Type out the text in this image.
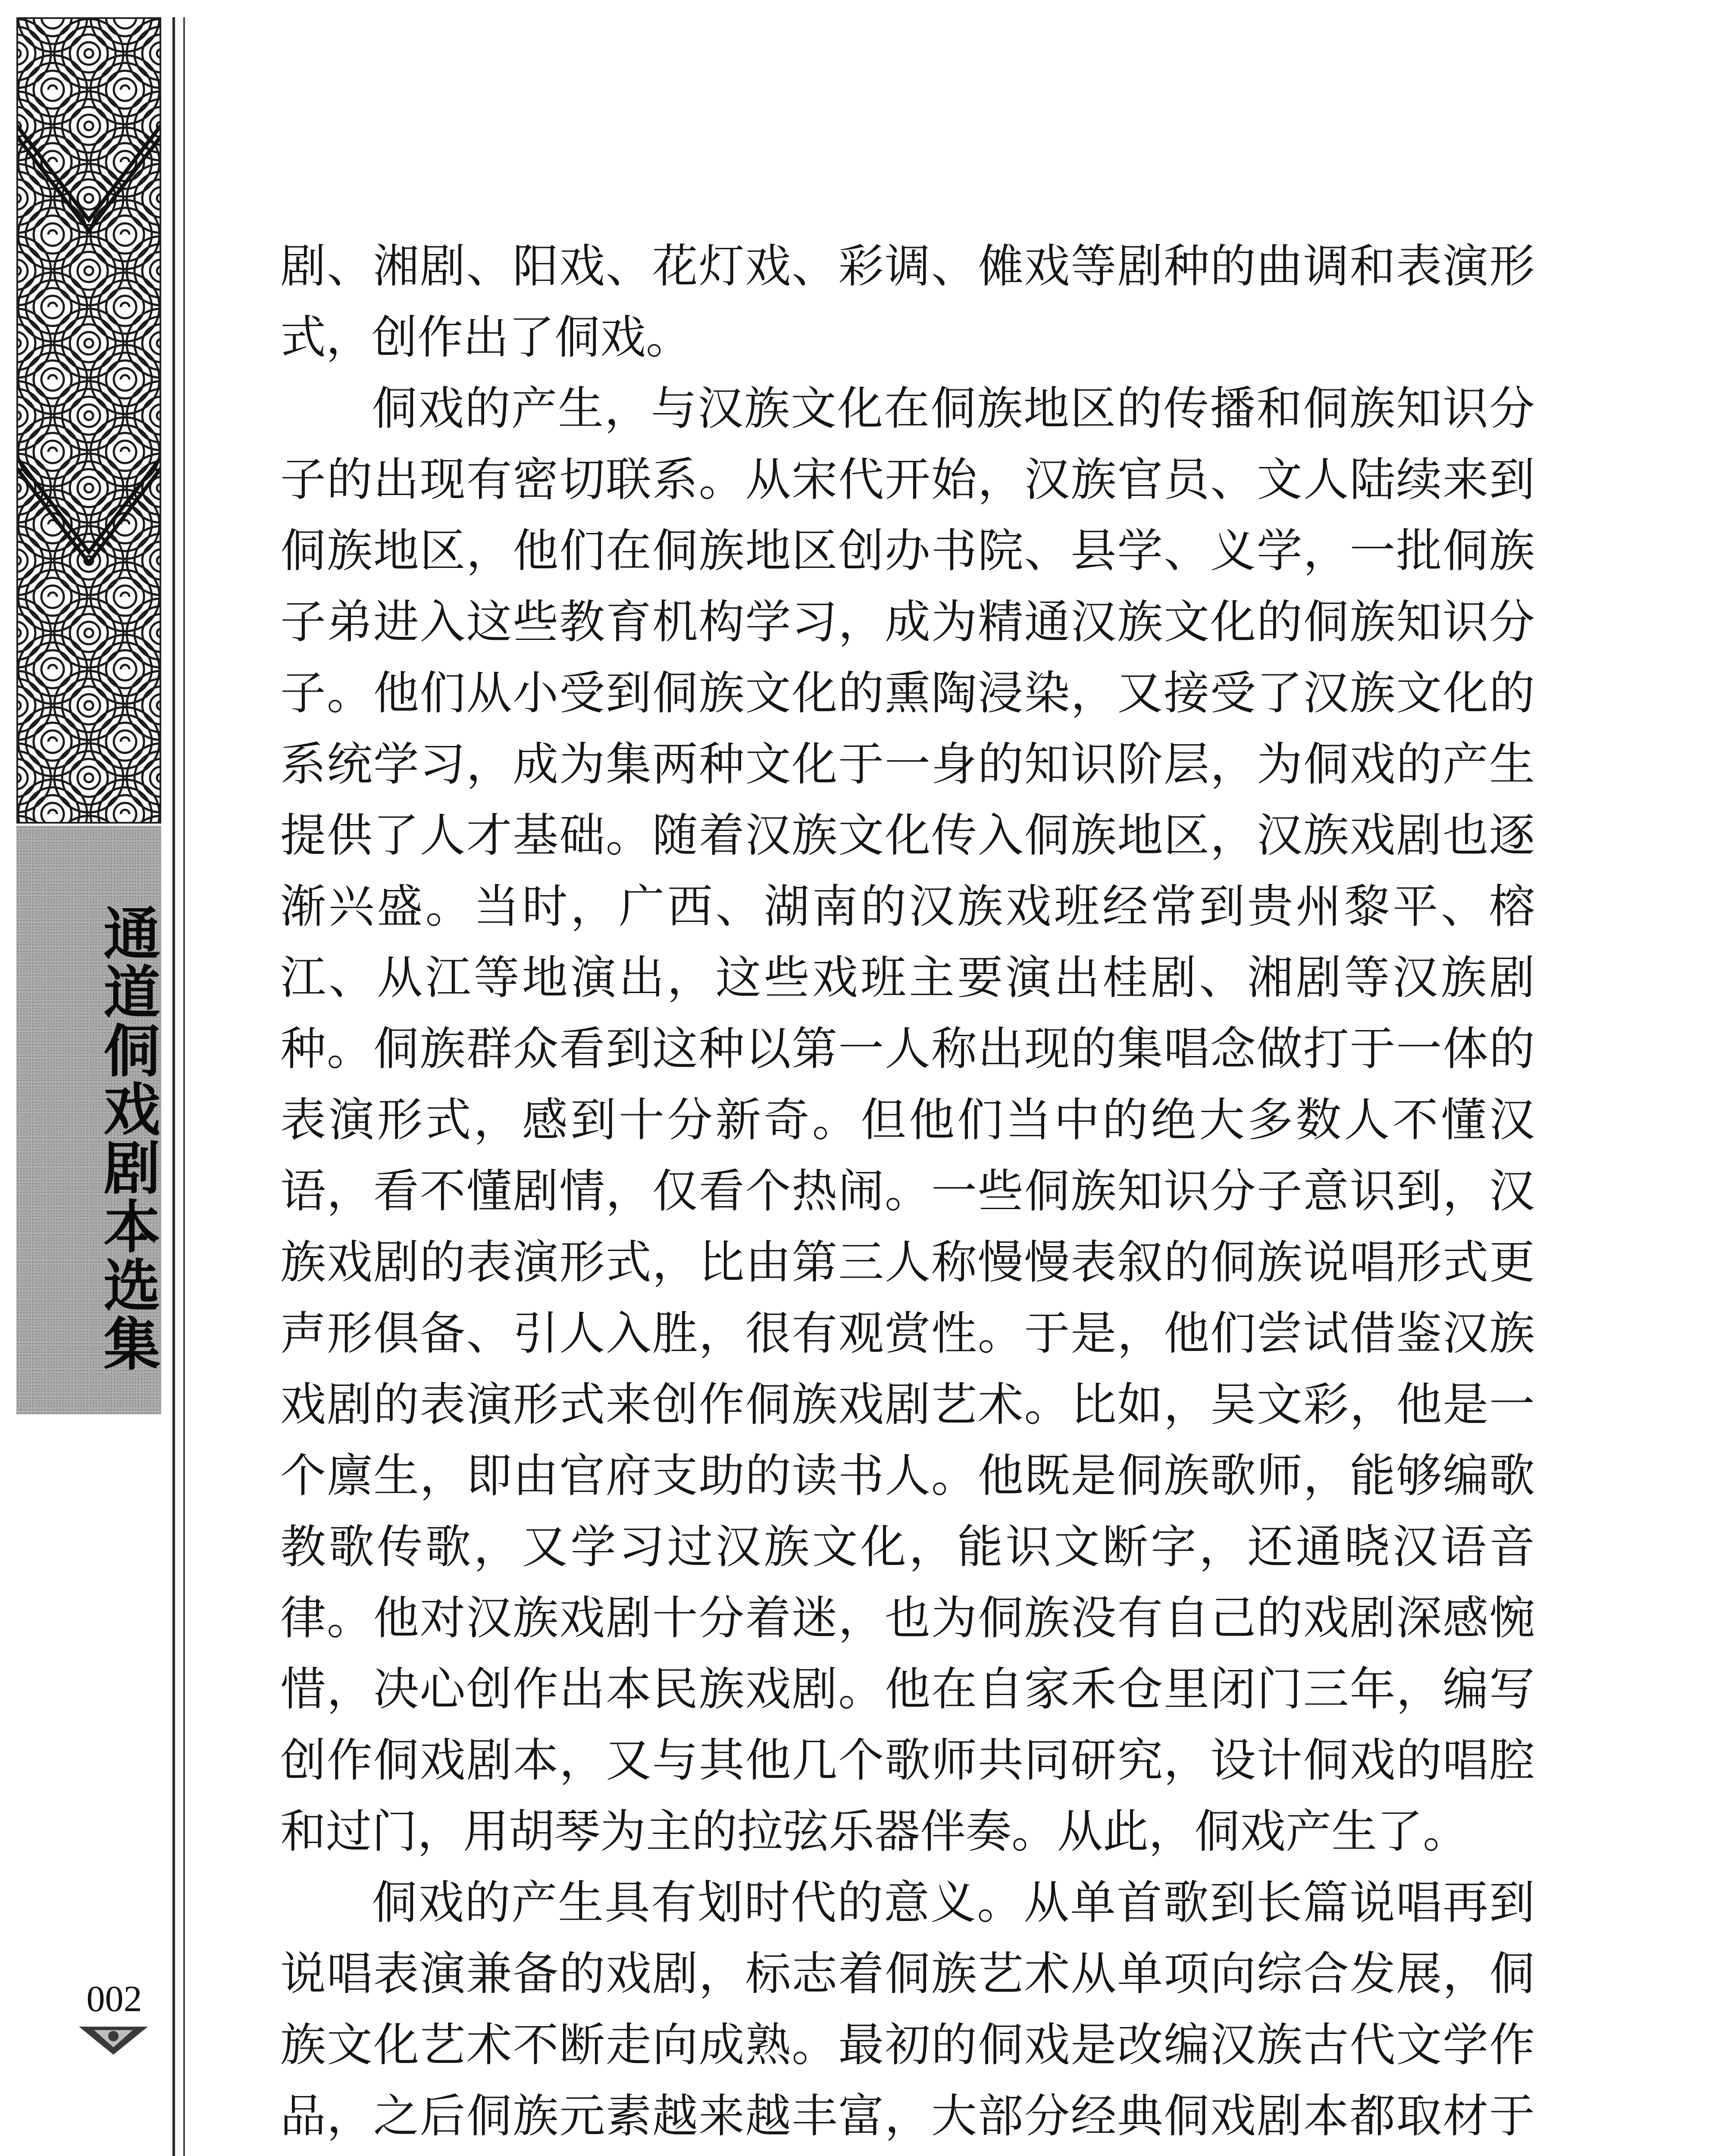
通道侗戏剧本选集
002

剧、湘剧、阳戏、花灯戏、彩调、傩戏等剧种的曲调和表演形式，创作出了侗戏。

侗戏的产生，与汉族文化在侗族地区的传播和侗族知识分子的出现有密切联系。从宋代开始，汉族官员、文人陆续来到侗族地区，他们在侗族地区创办书院、县学、义学，一批侗族子弟进入这些教育机构学习，成为精通汉族文化的侗族知识分子。他们从小受到侗族文化的熏陶浸染，又接受了汉族文化的系统学习，成为集两种文化于一身的知识阶层，为侗戏的产生提供了人才基础。随着汉族文化传入侗族地区，汉族戏剧也逐渐兴盛。当时，广西、湖南的汉族戏班经常到贵州黎平、榕江、从江等地演出，这些戏班主要演出桂剧、湘剧等汉族剧种。侗族群众看到这种以第一人称出现的集唱念做打于一体的表演形式，感到十分新奇。但他们当中的绝大多数人不懂汉语，看不懂剧情，仅看个热闹。一些侗族知识分子意识到，汉族戏剧的表演形式，比由第三人称慢慢表叙的侗族说唱形式更声形俱备、引人入胜，很有观赏性。于是，他们尝试借鉴汉族戏剧的表演形式来创作侗族戏剧艺术。比如，吴文彩，他是一个廪生，即由官府支助的读书人。他既是侗族歌师，能够编歌教歌传歌，又学习过汉族文化，能识文断字，还通晓汉语音律。他对汉族戏剧十分着迷，也为侗族没有自己的戏剧深感惋惜，决心创作出本民族戏剧。他在自家禾仓里闭门三年，编写创作侗戏剧本，又与其他几个歌师共同研究，设计侗戏的唱腔和过门，用胡琴为主的拉弦乐器伴奏。从此，侗戏产生了。

侗戏的产生具有划时代的意义。从单首歌到长篇说唱再到说唱表演兼备的戏剧，标志着侗族艺术从单项向综合发展，侗族文化艺术不断走向成熟。最初的侗戏是改编汉族古代文学作品，之后侗族元素越来越丰富，大部分经典侗戏剧本都取材于
